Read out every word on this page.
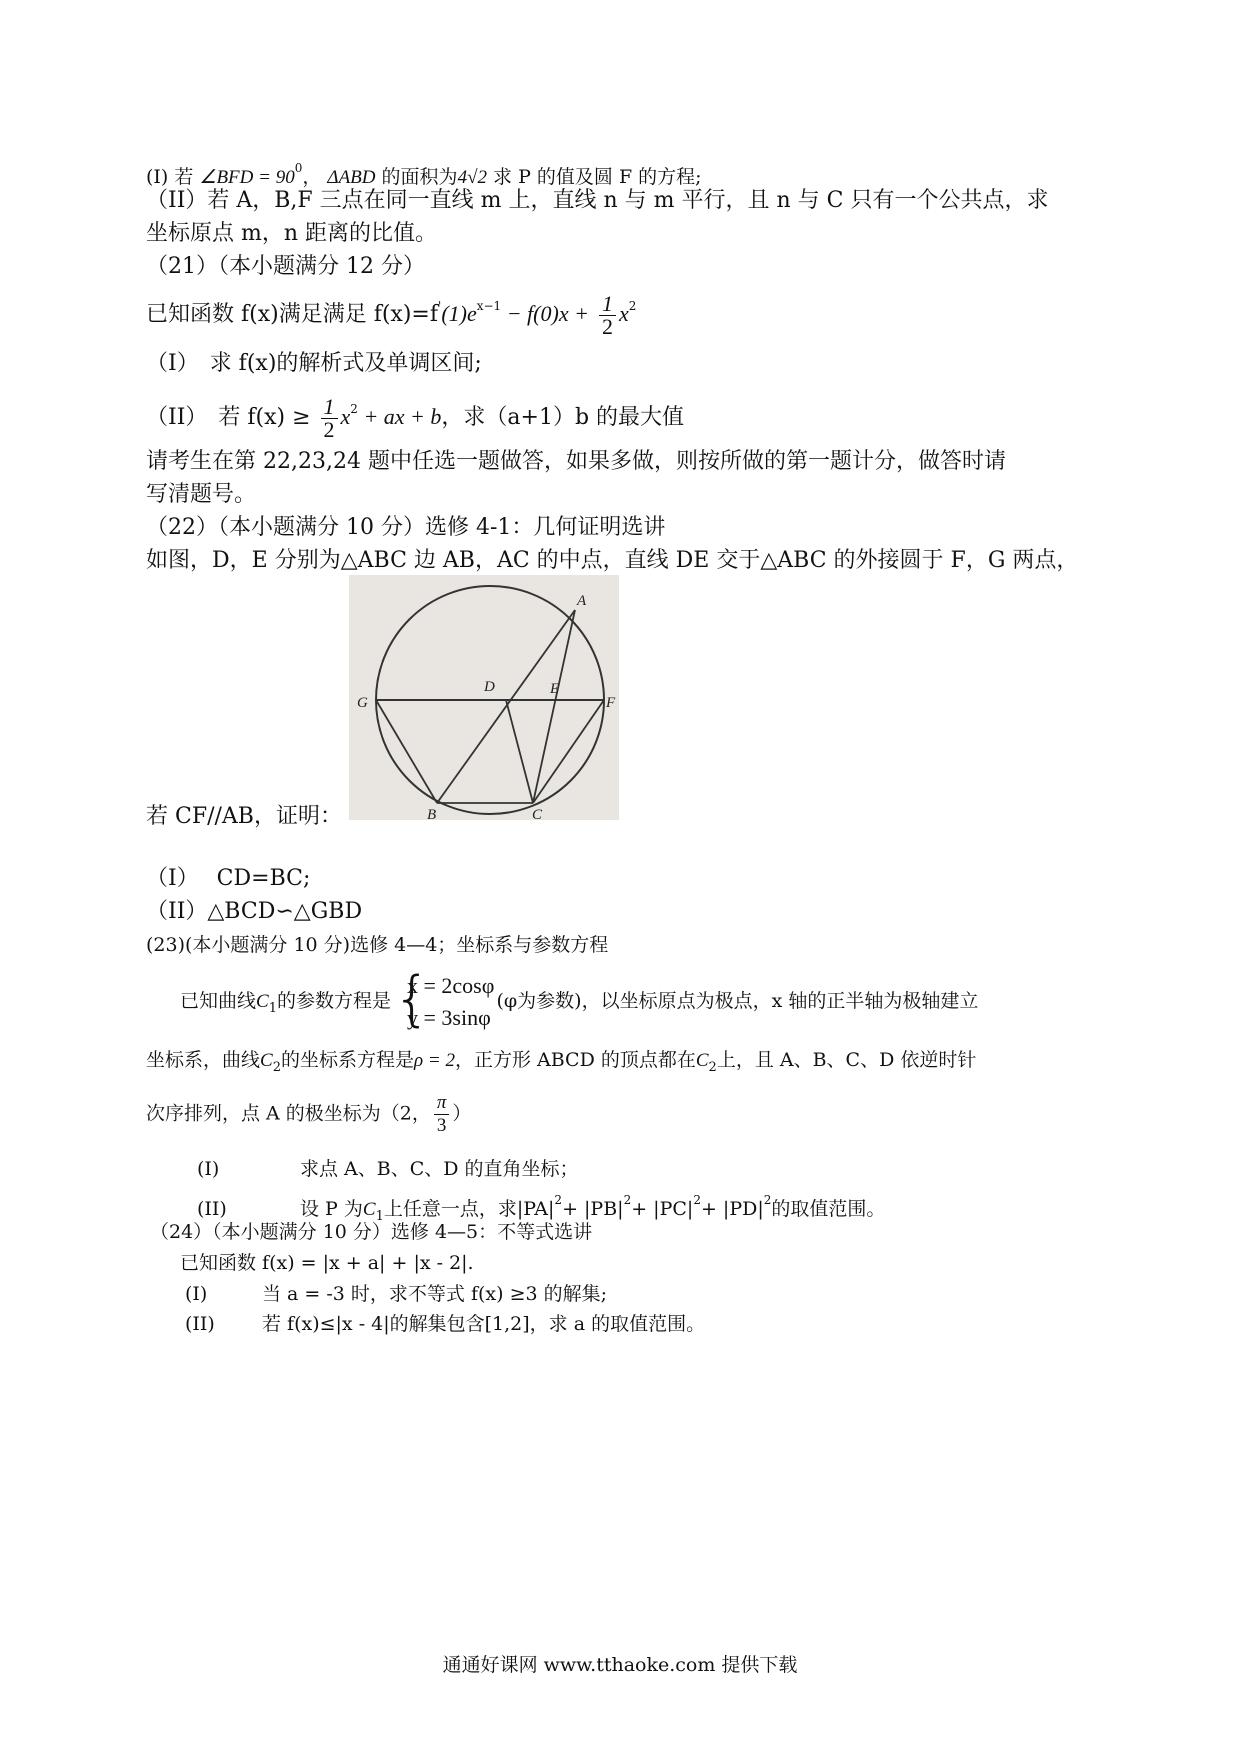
(I) 若 ∠BFD = $90^0$， ΔABD 的面积为4√2 求 P 的值及圆 F 的方程;
（II）若 A，B,F 三点在同一直线 m 上，直线 n 与 m 平行，且 n 与 C 只有一个公共点，求
坐标原点 m，n 距离的比值。
（21）（本小题满分 12 分）
已知函数 f(x)满足满足 $f(x)=f'(1)e^{x-1} - f(0)x + \frac{1}{2} x^2$
（I）　求 f(x)的解析式及单调区间;
（II）　若 $f(x) \ge \frac{1}{2} x^2$ + ax + b，求（a+1）b 的最大值
请考生在第 22,23,24 题中任选一题做答，如果多做，则按所做的第一题计分，做答时请
写清题号。
（22）（本小题满分 10 分）选修 4-1：几何证明选讲
如图，D，E 分别为△ABC 边 AB，AC 的中点，直线 DE 交于△ABC 的外接圆于 F，G 两点，
A
B	C
D	E
F
G
若 CF//AB，证明：
（I）　 CD=BC;
（II）△BCD∽△GBD
(23)(本小题满分 10 分)选修 4—4；坐标系与参数方程
已知曲线$C_1$的参数方程是 {
x = 2cosφ
y = 3sinφ
(φ为参数)，以坐标原点为极点，x 轴的正半轴为极轴建立
坐标系，曲线$C_2$的坐标系方程是ρ = 2，正方形 ABCD 的顶点都在$C_2$上，且 A、B、C、D 依逆时针
次序排列，点 A 的极坐标为（2， $\frac{\pi}{3}$ ）
(I)	求点 A、B、C、D 的直角坐标；
(II)	设 P 为$C_1$上任意一点，求$|PA|^2+ |PB|^2+ |PC|^2+ |PD|^2$的取值范围。
（24）（本小题满分 10 分）选修 4—5：不等式选讲
已知函数 f(x) = |x + a| + |x - 2|.
(I)	当 a = -3 时，求不等式 f(x) ≥3 的解集;
(II) 若 f(x)≤|x - 4|的解集包含[1,2]，求 a 的取值范围。
通通好课网 www.tthaoke.com 提供下载
